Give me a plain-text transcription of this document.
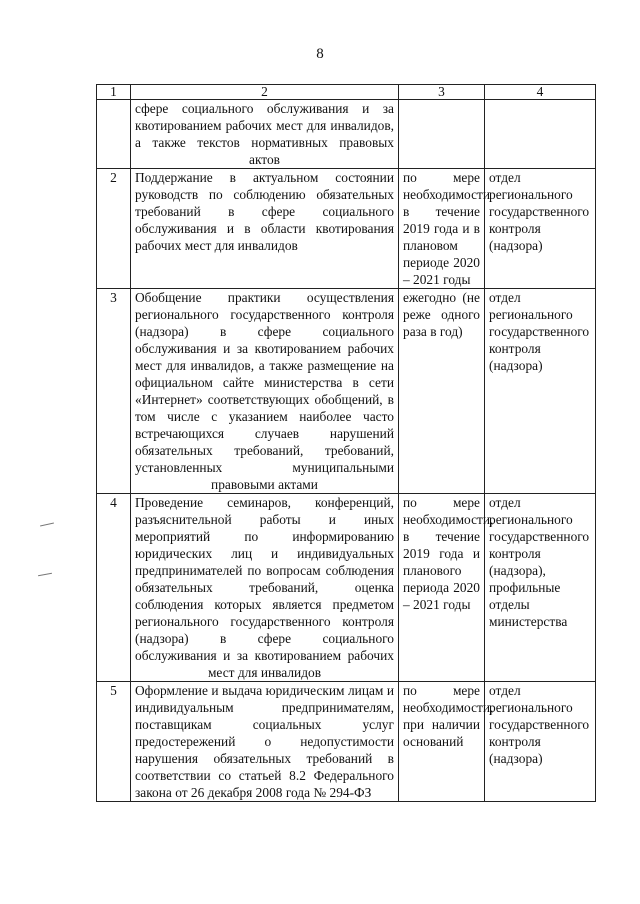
8
1	2	3	4
	сфере социального обслуживания и за квотированием рабочих мест для инвалидов, а также текстов нормативных правовых актов		
2	Поддержание в актуальном состоянии руководств по соблюдению обязательных требований в сфере социального обслуживания и в области квотирования рабочих мест для инвалидов	по мере необходимости в течение 2019 года и в плановом периоде 2020 – 2021 годы	отдел регионального государственного контроля (надзора)
3	Обобщение практики осуществления регионального государственного контроля (надзора) в сфере социального обслуживания и за квотированием рабочих мест для инвалидов, а также размещение на официальном сайте министерства в сети «Интернет» соответствующих обобщений, в том числе с указанием наиболее часто встречающихся случаев нарушений обязательных требований, требований, установленных муниципальными правовыми актами	ежегодно (не реже одного раза в год)	отдел регионального государственного контроля (надзора)
4	Проведение семинаров, конференций, разъяснительной работы и иных мероприятий по информированию юридических лиц и индивидуальных предпринимателей по вопросам соблюдения обязательных требований, оценка соблюдения которых является предметом регионального государственного контроля (надзора) в сфере социального обслуживания и за квотированием рабочих мест для инвалидов	по мере необходимости, в течение 2019 года и планового периода 2020 – 2021 годы	отдел регионального государственного контроля (надзора), профильные отделы министерства
5	Оформление и выдача юридическим лицам и индивидуальным предпринимателям, поставщикам социальных услуг предостережений о недопустимости нарушения обязательных требований в соответствии со статьей 8.2 Федерального закона от 26 декабря 2008 года № 294-ФЗ	по мере необходимости, при наличии оснований	отдел регионального государственного контроля (надзора)
